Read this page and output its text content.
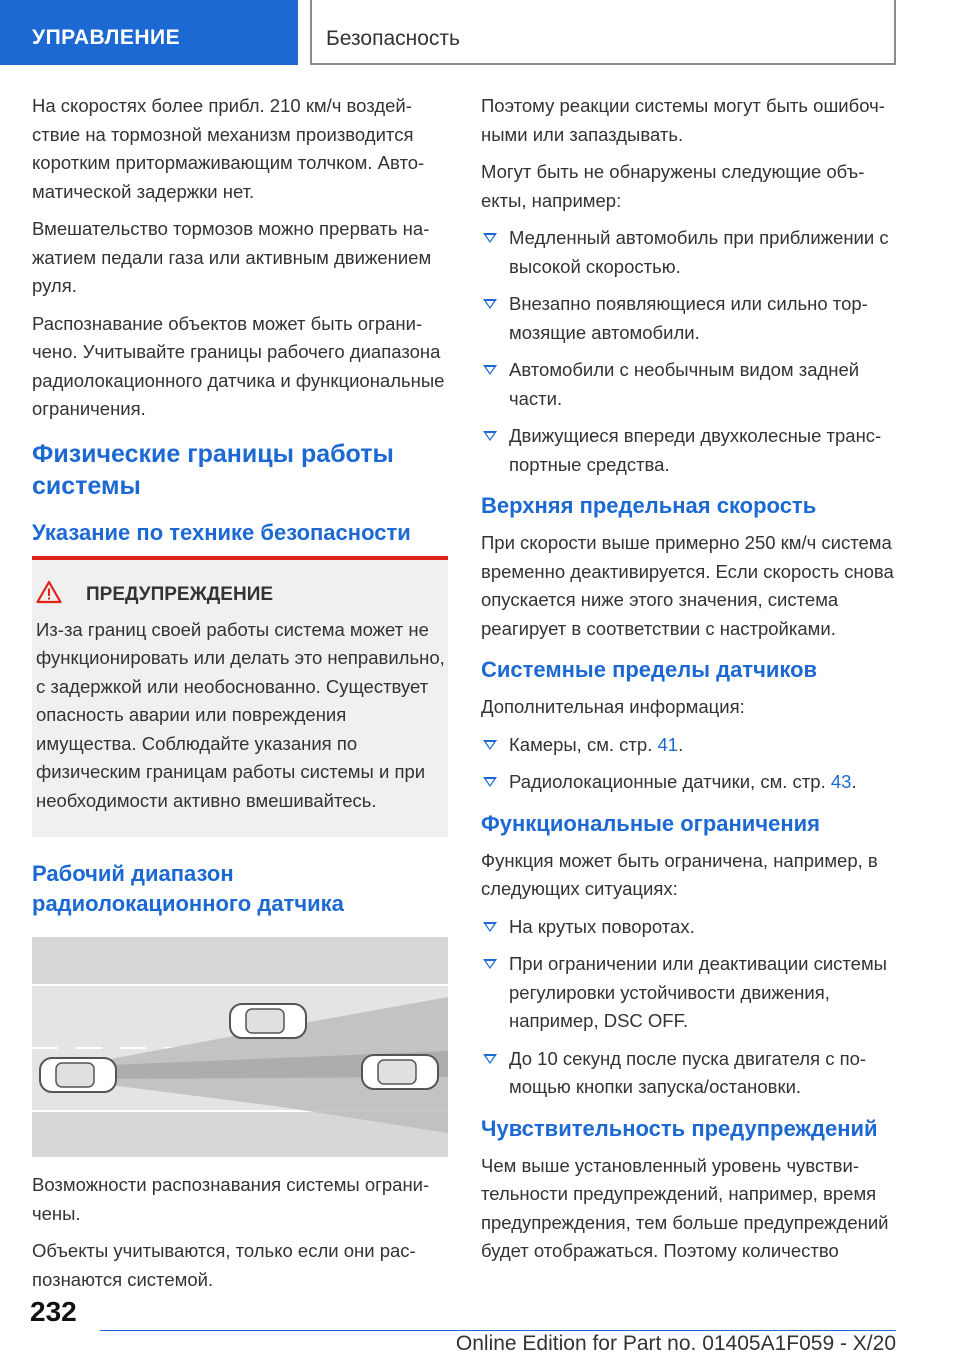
УПРАВЛЕНИЕ	Безопасность

На скоростях более прибл. 210 км/ч воздействие на тормозной механизм производится коротким притормаживающим толчком. Автоматической задержки нет.

Вмешательство тормозов можно прервать нажатием педали газа или активным движением руля.

Распознавание объектов может быть ограничено. Учитывайте границы рабочего диапазона радиолокационного датчика и функциональные ограничения.

Физические границы работы системы
Указание по технике безопасности
ПРЕДУПРЕЖДЕНИЕ

Из-за границ своей работы система может не функционировать или делать это неправильно, с задержкой или необоснованно. Существует опасность аварии или повреждения имущества. Соблюдайте указания по физическим границам работы системы и при необходимости активно вмешивайтесь.

Рабочий диапазон радиолокационного датчика

Возможности распознавания системы ограничены.

Объекты учитываются, только если они распознаются системой.

Поэтому реакции системы могут быть ошибочными или запаздывать.

Могут быть не обнаружены следующие объекты, например:

Медленный автомобиль при приближении с высокой скоростью.
Внезапно появляющиеся или сильно тормозящие автомобили.
Автомобили с необычным видом задней части.
Движущиеся впереди двухколесные транспортные средства.
Верхняя предельная скорость

При скорости выше примерно 250 км/ч система временно деактивируется. Если скорость снова опускается ниже этого значения, система реагирует в соответствии с настройками.

Системные пределы датчиков

Дополнительная информация:

Камеры, см. стр. 41.
Радиолокационные датчики, см. стр. 43.
Функциональные ограничения

Функция может быть ограничена, например, в следующих ситуациях:

На крутых поворотах.
При ограничении или деактивации системы регулировки устойчивости движения, например, DSC OFF.
До 10 секунд после пуска двигателя с помощью кнопки запуска/остановки.
Чувствительность предупреждений

Чем выше установленный уровень чувствительности предупреждений, например, время предупреждения, тем больше предупреждений будет отображаться. Поэтому количество

232
Online Edition for Part no. 01405A1F059 - X/20
